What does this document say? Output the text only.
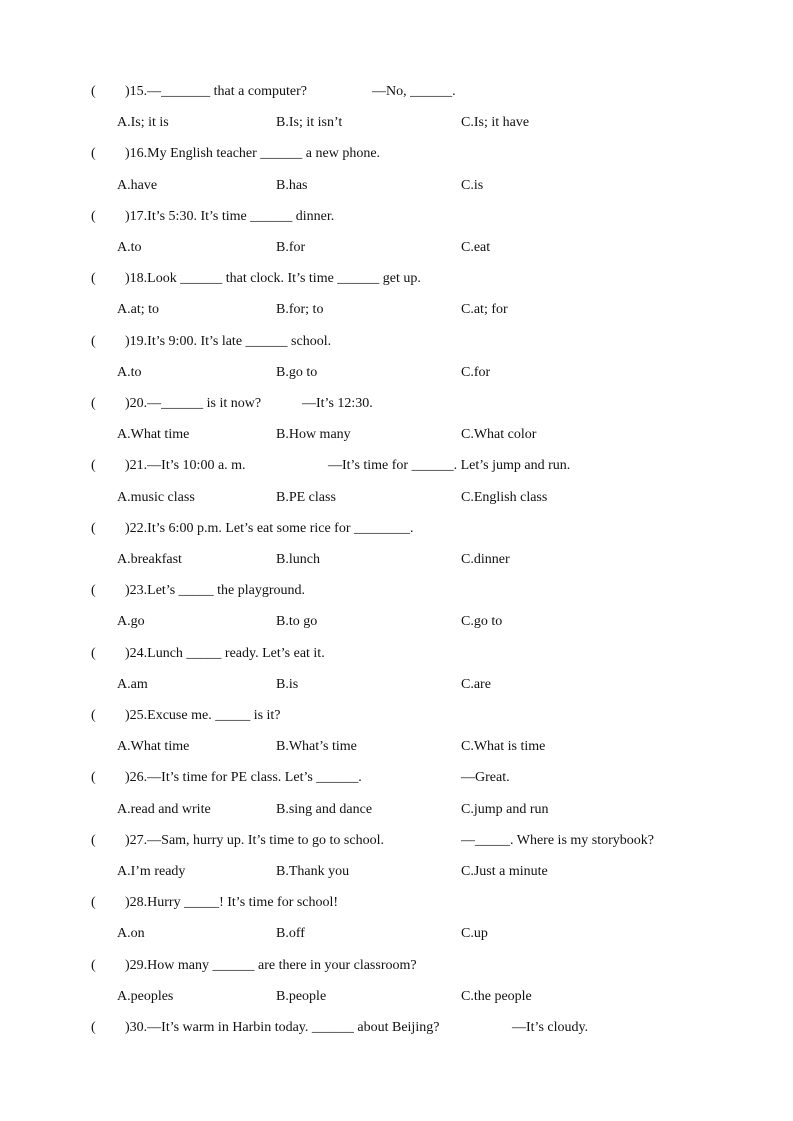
( )15.—_______ that a computer?	—No, ______.
A.Is; it is	B.Is; it isn’t	C.Is; it have
( )16.My English teacher ______ a new phone.
A.have	B.has	C.is
( )17.It’s 5:30. It’s time ______ dinner.
A.to	B.for	C.eat
( )18.Look ______ that clock. It’s time ______ get up.
A.at; to	B.for; to	C.at; for
( )19.It’s 9:00. It’s late ______ school.
A.to	B.go to	C.for
( )20.—______ is it now?	—It’s 12:30.
A.What time	B.How many	C.What color
( )21.—It’s 10:00 a. m.	—It’s time for ______. Let’s jump and run.
A.music class	B.PE class	C.English class
( )22.It’s 6:00 p.m. Let’s eat some rice for ________.
A.breakfast	B.lunch	C.dinner
( )23.Let’s _____ the playground.
A.go	B.to go	C.go to
( )24.Lunch _____ ready. Let’s eat it.
A.am	B.is	C.are
( )25.Excuse me. _____ is it?
A.What time	B.What’s time	C.What is time
( )26.—It’s time for PE class. Let’s ______.	—Great.
A.read and write	B.sing and dance	C.jump and run
( )27.—Sam, hurry up. It’s time to go to school.	—_____. Where is my storybook?
A.I’m ready	B.Thank you	C.Just a minute
( )28.Hurry _____! It’s time for school!
A.on	B.off	C.up
( )29.How many ______ are there in your classroom?
A.peoples	B.people	C.the people
( )30.—It’s warm in Harbin today. ______ about Beijing?	—It’s cloudy.
